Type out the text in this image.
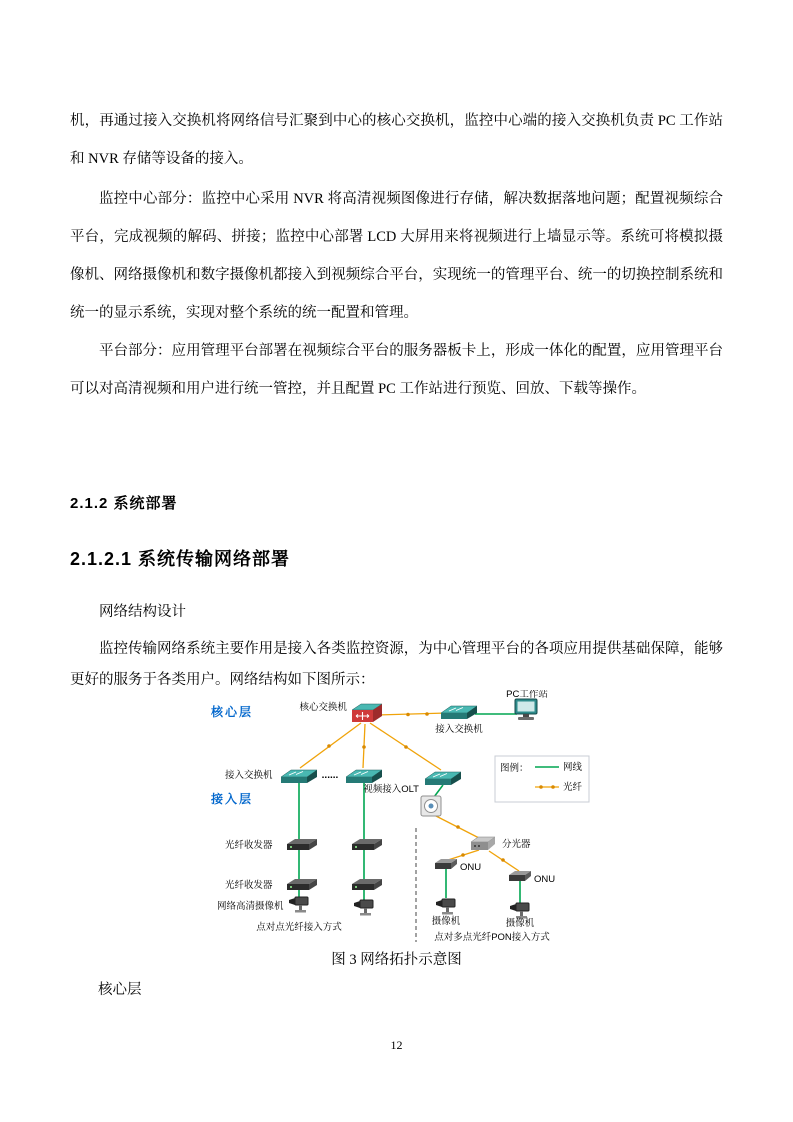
机，再通过接入交换机将网络信号汇聚到中心的核心交换机，监控中心端的接入交换机负责 PC 工作站和 NVR 存储等设备的接入。
监控中心部分：监控中心采用 NVR 将高清视频图像进行存储，解决数据落地问题；配置视频综合平台，完成视频的解码、拼接；监控中心部署 LCD 大屏用来将视频进行上墙显示等。系统可将模拟摄像机、网络摄像机和数字摄像机都接入到视频综合平台，实现统一的管理平台、统一的切换控制系统和统一的显示系统，实现对整个系统的统一配置和管理。
平台部分：应用管理平台部署在视频综合平台的服务器板卡上，形成一体化的配置，应用管理平台可以对高清视频和用户进行统一管控，并且配置 PC 工作站进行预览、回放、下载等操作。
2.1.2 系统部署
2.1.2.1 系统传输网络部署
网络结构设计
监控传输网络系统主要作用是接入各类监控资源，为中心管理平台的各项应用提供基础保障，能够更好的服务于各类用户。网络结构如下图所示：
图例：	网线
光纤
核心层	核心交换机
接入交换机
PC工作站
接入交换机	......
接入层
视频接入OLT
光纤收发器
光纤收发器
网络高清摄像机
点对点光纤接入方式
分光器
ONU
ONU
摄像机	摄像机
点对多点光纤PON接入方式
图 3 网络拓扑示意图
核心层
12
